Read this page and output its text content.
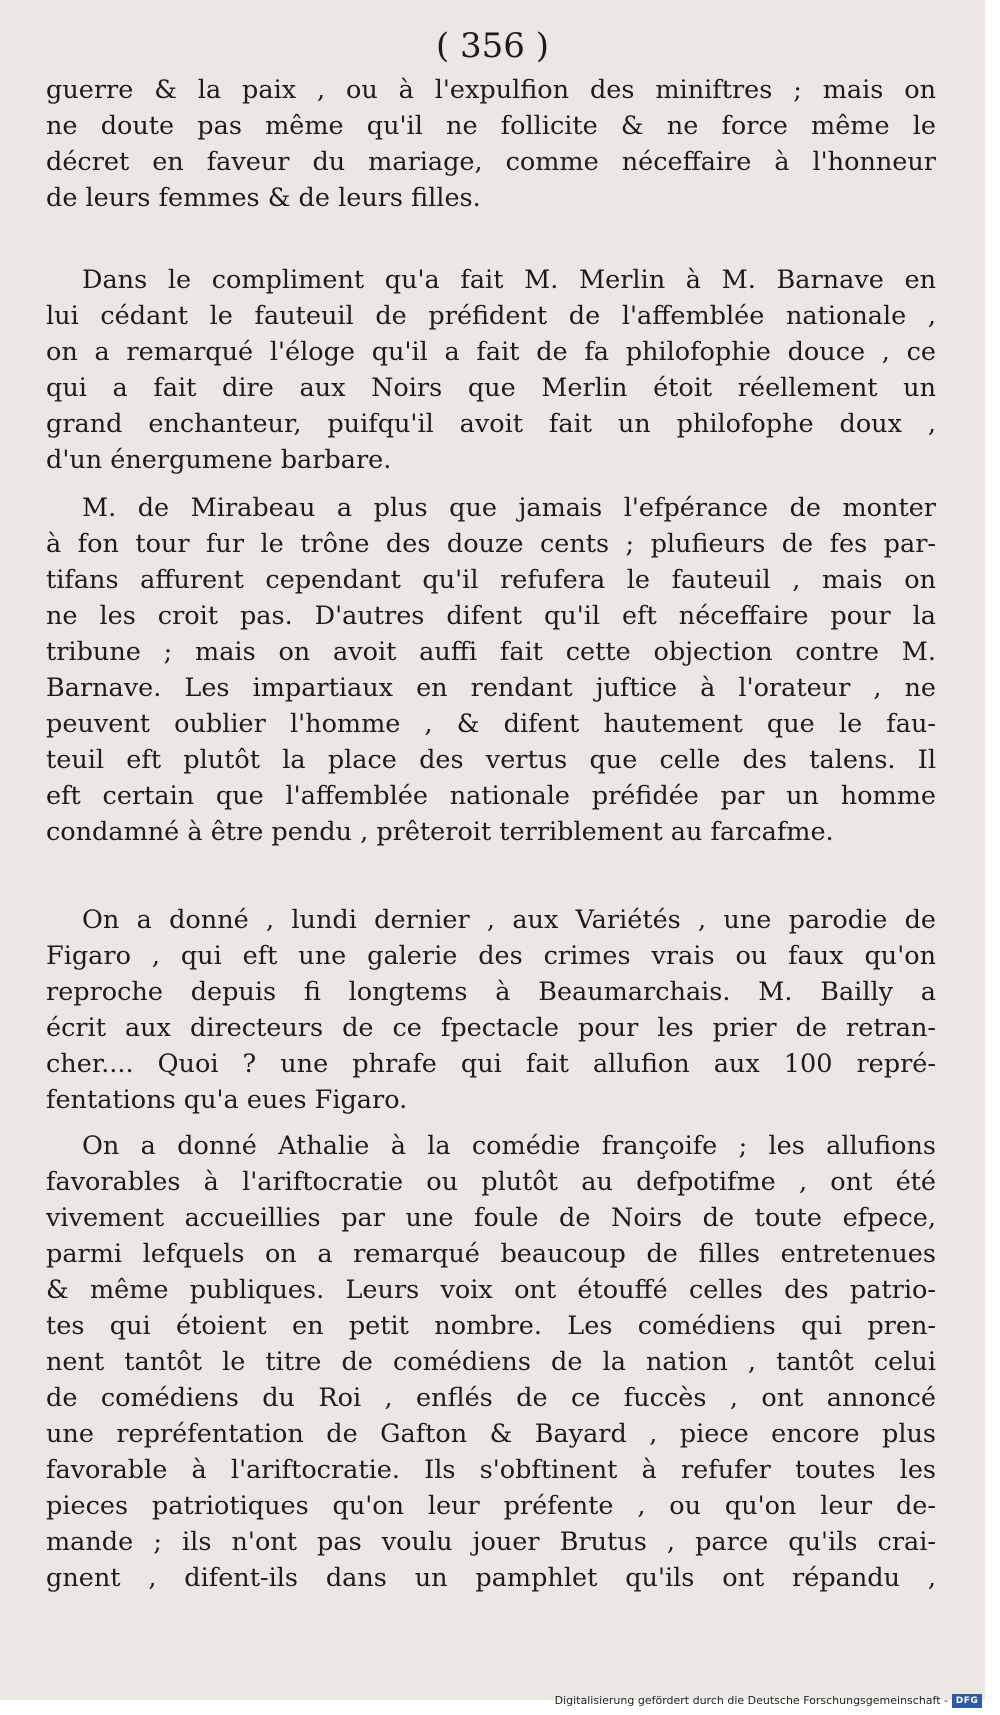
( 356 )
guerre & la paix , ou à l'expulfion des miniftres ; mais on
ne doute pas même qu'il ne follicite & ne force même le
décret en faveur du mariage, comme néceffaire à l'honneur
de leurs femmes & de leurs filles.
Dans le compliment qu'a fait M. Merlin à M. Barnave en
lui cédant le fauteuil de préfident de l'affemblée nationale ,
on a remarqué l'éloge qu'il a fait de fa philofophie douce , ce
qui a fait dire aux Noirs que Merlin étoit réellement un
grand enchanteur, puifqu'il avoit fait un philofophe doux ,
d'un énergumene barbare.
M. de Mirabeau a plus que jamais l'efpérance de monter
à fon tour fur le trône des douze cents ; plufieurs de fes par-
tifans affurent cependant qu'il refufera le fauteuil , mais on
ne les croit pas. D'autres difent qu'il eft néceffaire pour la
tribune ; mais on avoit auffi fait cette objection contre M.
Barnave. Les impartiaux en rendant juftice à l'orateur , ne
peuvent oublier l'homme , & difent hautement que le fau-
teuil eft plutôt la place des vertus que celle des talens. Il
eft certain que l'affemblée nationale préfidée par un homme
condamné à être pendu , prêteroit terriblement au farcafme.
On a donné , lundi dernier , aux Variétés , une parodie de
Figaro , qui eft une galerie des crimes vrais ou faux qu'on
reproche depuis fi longtems à Beaumarchais. M. Bailly a
écrit aux directeurs de ce fpectacle pour les prier de retran-
cher.... Quoi ? une phrafe qui fait allufion aux 100 repré-
fentations qu'a eues Figaro.
On a donné Athalie à la comédie françoife ; les allufions
favorables à l'ariftocratie ou plutôt au defpotifme , ont été
vivement accueillies par une foule de Noirs de toute efpece,
parmi lefquels on a remarqué beaucoup de filles entretenues
& même publiques. Leurs voix ont étouffé celles des patrio-
tes qui étoient en petit nombre. Les comédiens qui pren-
nent tantôt le titre de comédiens de la nation , tantôt celui
de comédiens du Roi , enflés de ce fuccès , ont annoncé
une repréfentation de Gafton & Bayard , piece encore plus
favorable à l'ariftocratie. Ils s'obftinent à refufer toutes les
pieces patriotiques qu'on leur préfente , ou qu'on leur de-
mande ; ils n'ont pas voulu jouer Brutus , parce qu'ils crai-
gnent , difent-ils dans un pamphlet qu'ils ont répandu ,
Digitalisierung gefördert durch die Deutsche Forschungsgemeinschaft - DFG
